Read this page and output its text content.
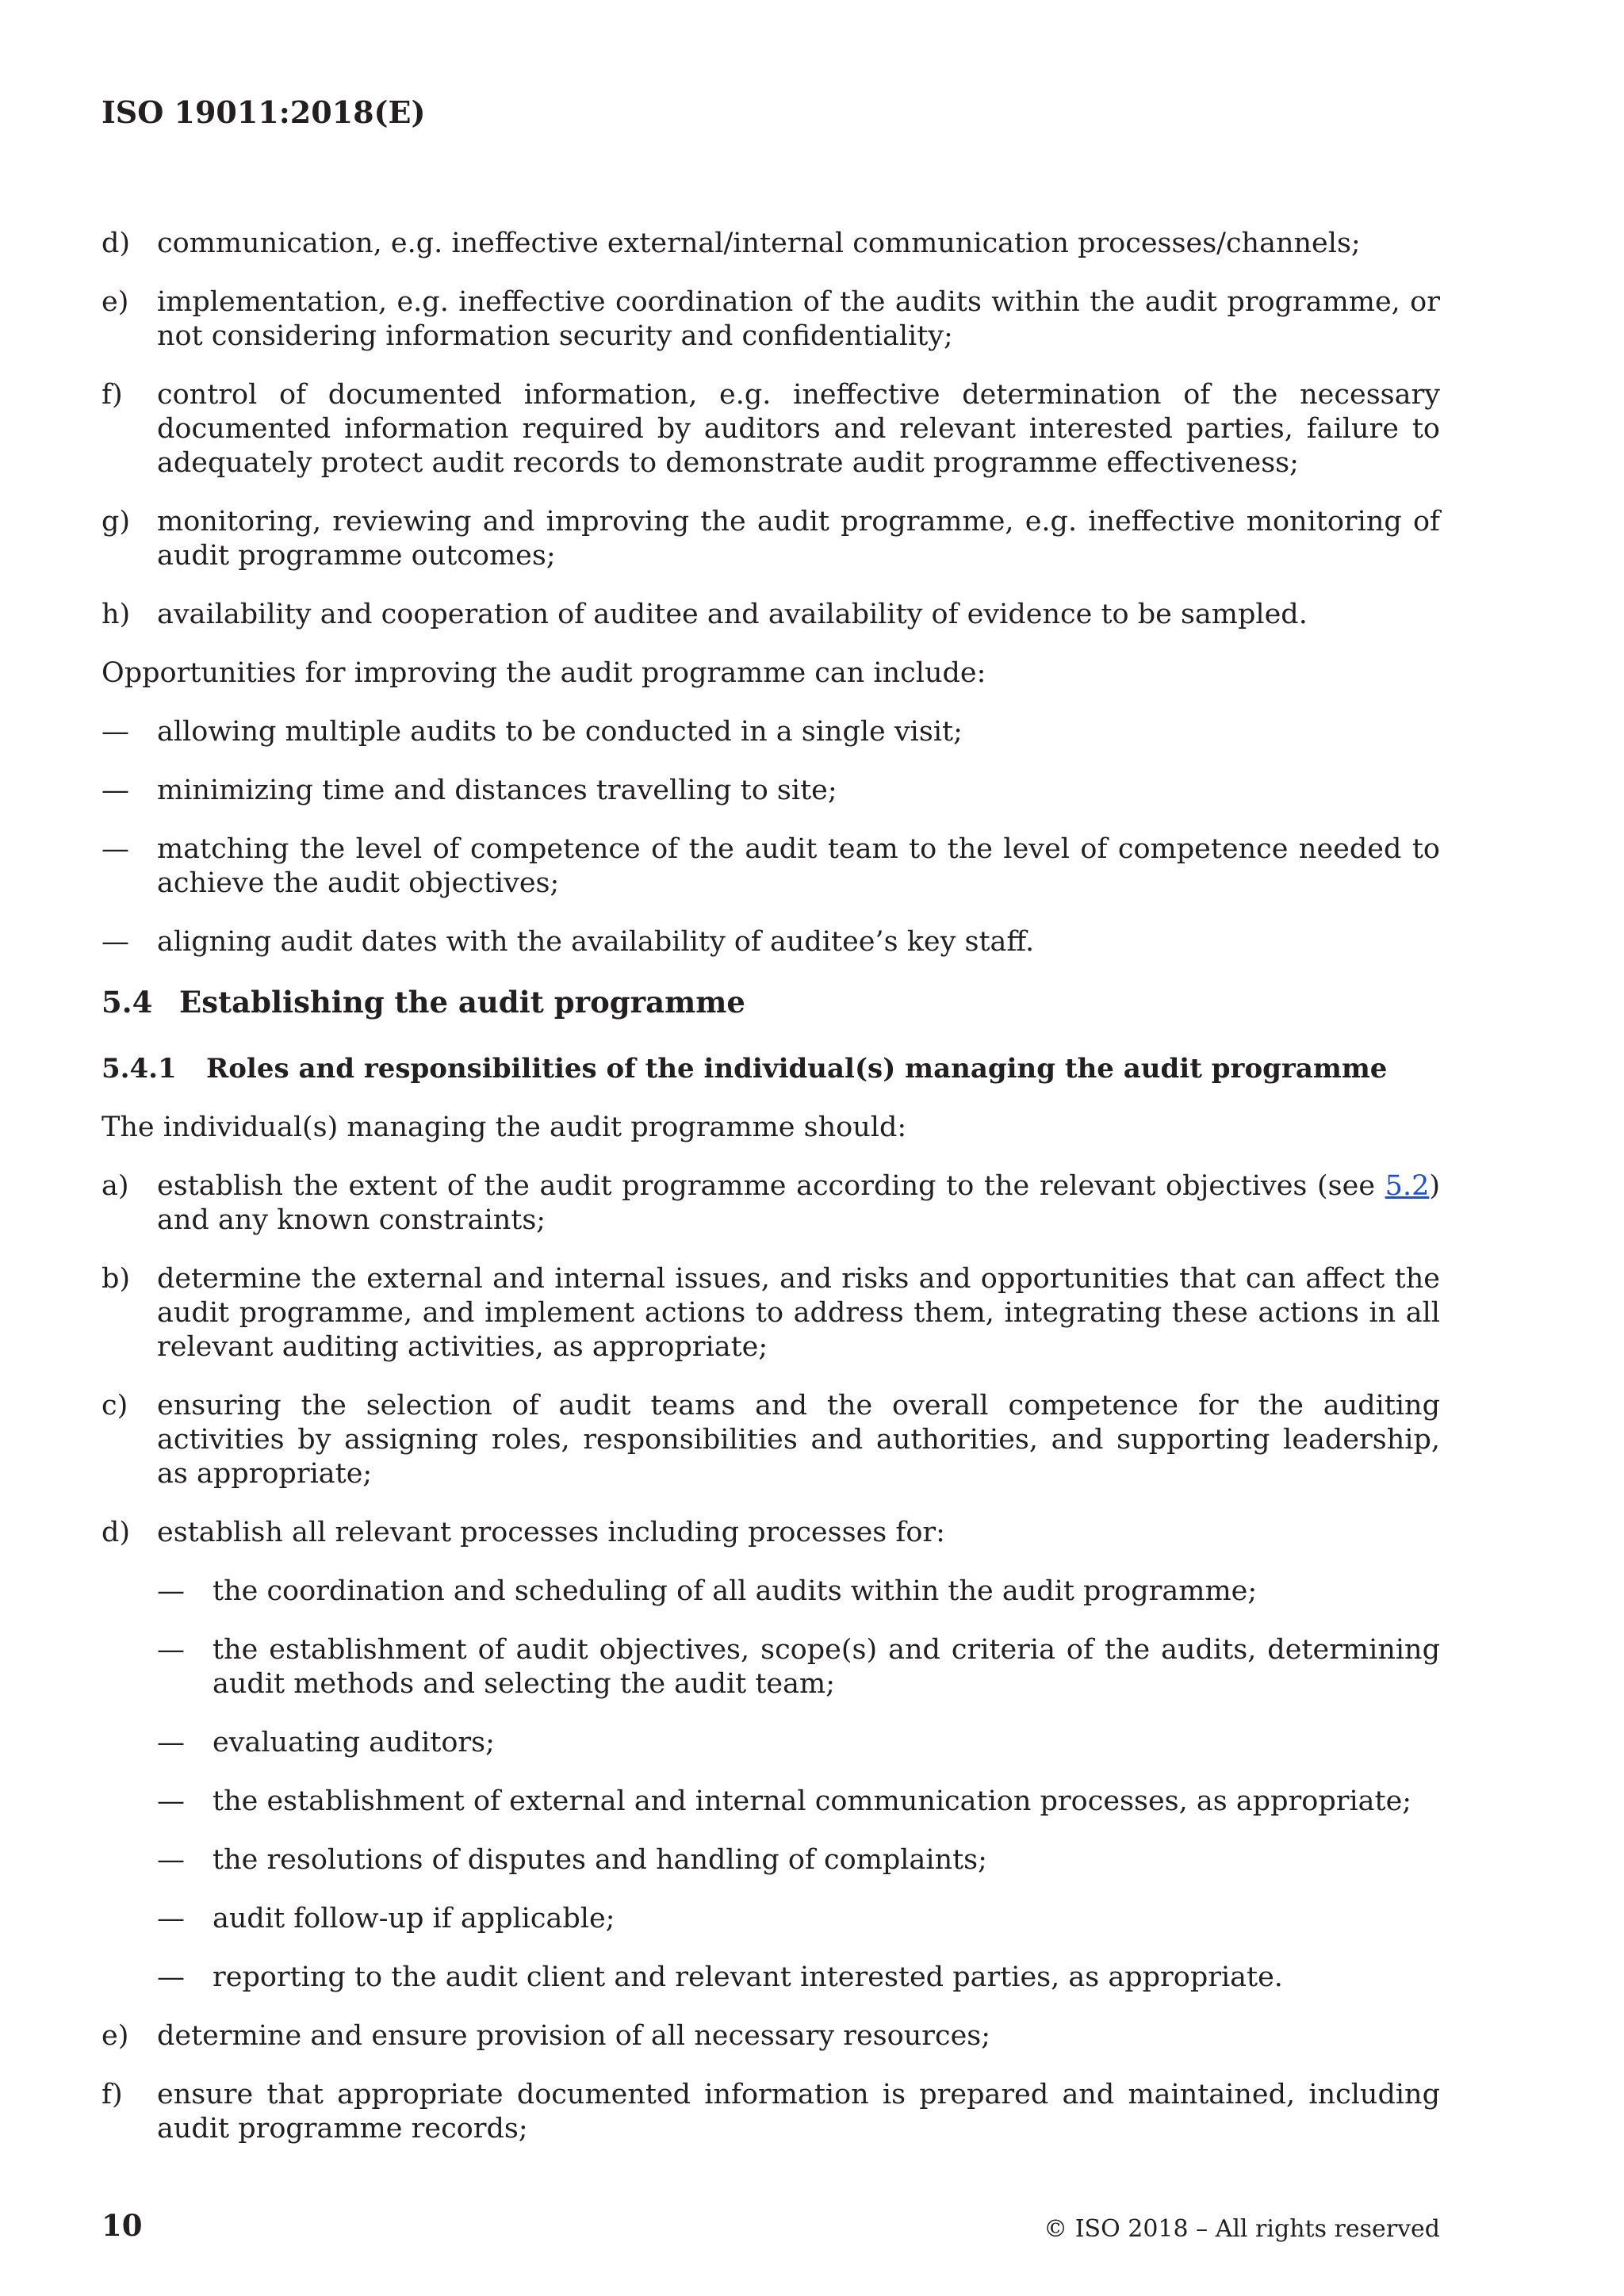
ISO 19011:2018(E)
d) communication, e.g. ineffective external/internal communication processes/channels;
e)	implementation, e.g. ineffective coordination of the audits within the audit programme, or not considering information security and confidentiality;
f)	control of documented information, e.g. ineffective determination of the necessary documented information required by auditors and relevant interested parties, failure to adequately protect audit records to demonstrate audit programme effectiveness;
g) monitoring, reviewing and improving the audit programme, e.g. ineffective monitoring of audit programme outcomes;
h) availability and cooperation of auditee and availability of evidence to be sampled.
Opportunities for improving the audit programme can include:
—	allowing multiple audits to be conducted in a single visit;
—	minimizing time and distances travelling to site;
—	matching the level of competence of the audit team to the level of competence needed to achieve the audit objectives;
—	aligning audit dates with the availability of auditee’s key staff.
5.4 Establishing the audit programme
5.4.1	Roles and responsibilities of the individual(s) managing the audit programme
The individual(s) managing the audit programme should:
a)	establish the extent of the audit programme according to the relevant objectives (see 5.2) and any known constraints;
b) determine the external and internal issues, and risks and opportunities that can affect the audit programme, and implement actions to address them, integrating these actions in all relevant auditing activities, as appropriate;
c)	ensuring the selection of audit teams and the overall competence for the auditing activities by assigning roles, responsibilities and authorities, and supporting leadership, as appropriate;
d) establish all relevant processes including processes for:
—	the coordination and scheduling of all audits within the audit programme;
—	the establishment of audit objectives, scope(s) and criteria of the audits, determining audit methods and selecting the audit team;
—	evaluating auditors;
—	the establishment of external and internal communication processes, as appropriate;
—	the resolutions of disputes and handling of complaints;
—	audit follow-up if applicable;
—	reporting to the audit client and relevant interested parties, as appropriate.
e)	determine and ensure provision of all necessary resources;
f)	ensure that appropriate documented information is prepared and maintained, including audit programme records;
10	© ISO 2018 – All rights reserved
